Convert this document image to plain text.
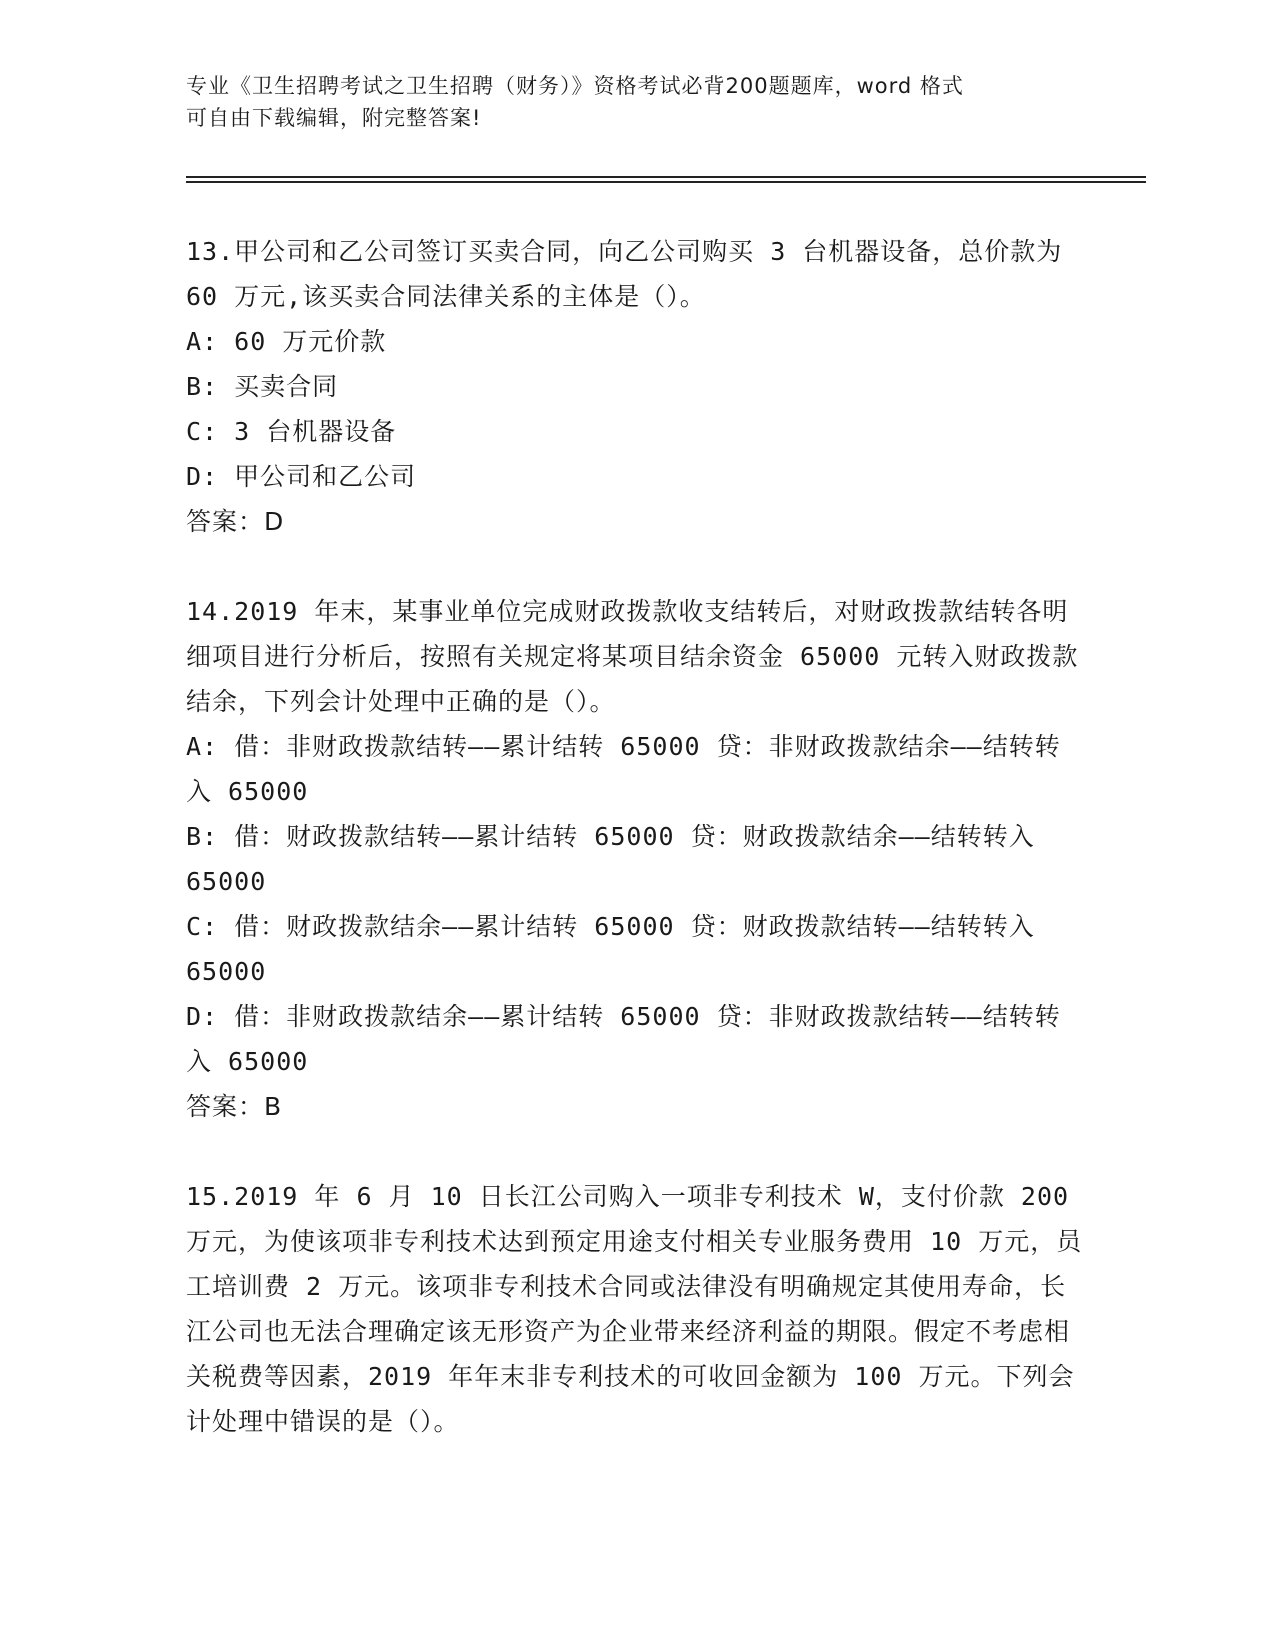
专业《卫生招聘考试之卫生招聘（财务）》资格考试必背200题题库，word 格式
可自由下载编辑，附完整答案!
13.甲公司和乙公司签订买卖合同，向乙公司购买 3 台机器设备，总价款为 60 万元,该买卖合同法律关系的主体是（）。
A: 60 万元价款
B: 买卖合同
C: 3 台机器设备
D: 甲公司和乙公司
答案：D
14.2019 年末，某事业单位完成财政拨款收支结转后，对财政拨款结转各明细项目进行分析后，按照有关规定将某项目结余资金 65000 元转入财政拨款结余，下列会计处理中正确的是（）。
A: 借：非财政拨款结转——累计结转 65000 贷：非财政拨款结余——结转转入 65000
B: 借：财政拨款结转——累计结转 65000 贷：财政拨款结余——结转转入 65000
C: 借：财政拨款结余——累计结转 65000 贷：财政拨款结转——结转转入 65000
D: 借：非财政拨款结余——累计结转 65000 贷：非财政拨款结转——结转转入 65000
答案：B
15.2019 年 6 月 10 日长江公司购入一项非专利技术 W，支付价款 200 万元，为使该项非专利技术达到预定用途支付相关专业服务费用 10 万元，员工培训费 2 万元。该项非专利技术合同或法律没有明确规定其使用寿命，长江公司也无法合理确定该无形资产为企业带来经济利益的期限。假定不考虑相关税费等因素，2019 年年末非专利技术的可收回金额为 100 万元。下列会计处理中错误的是（）。
